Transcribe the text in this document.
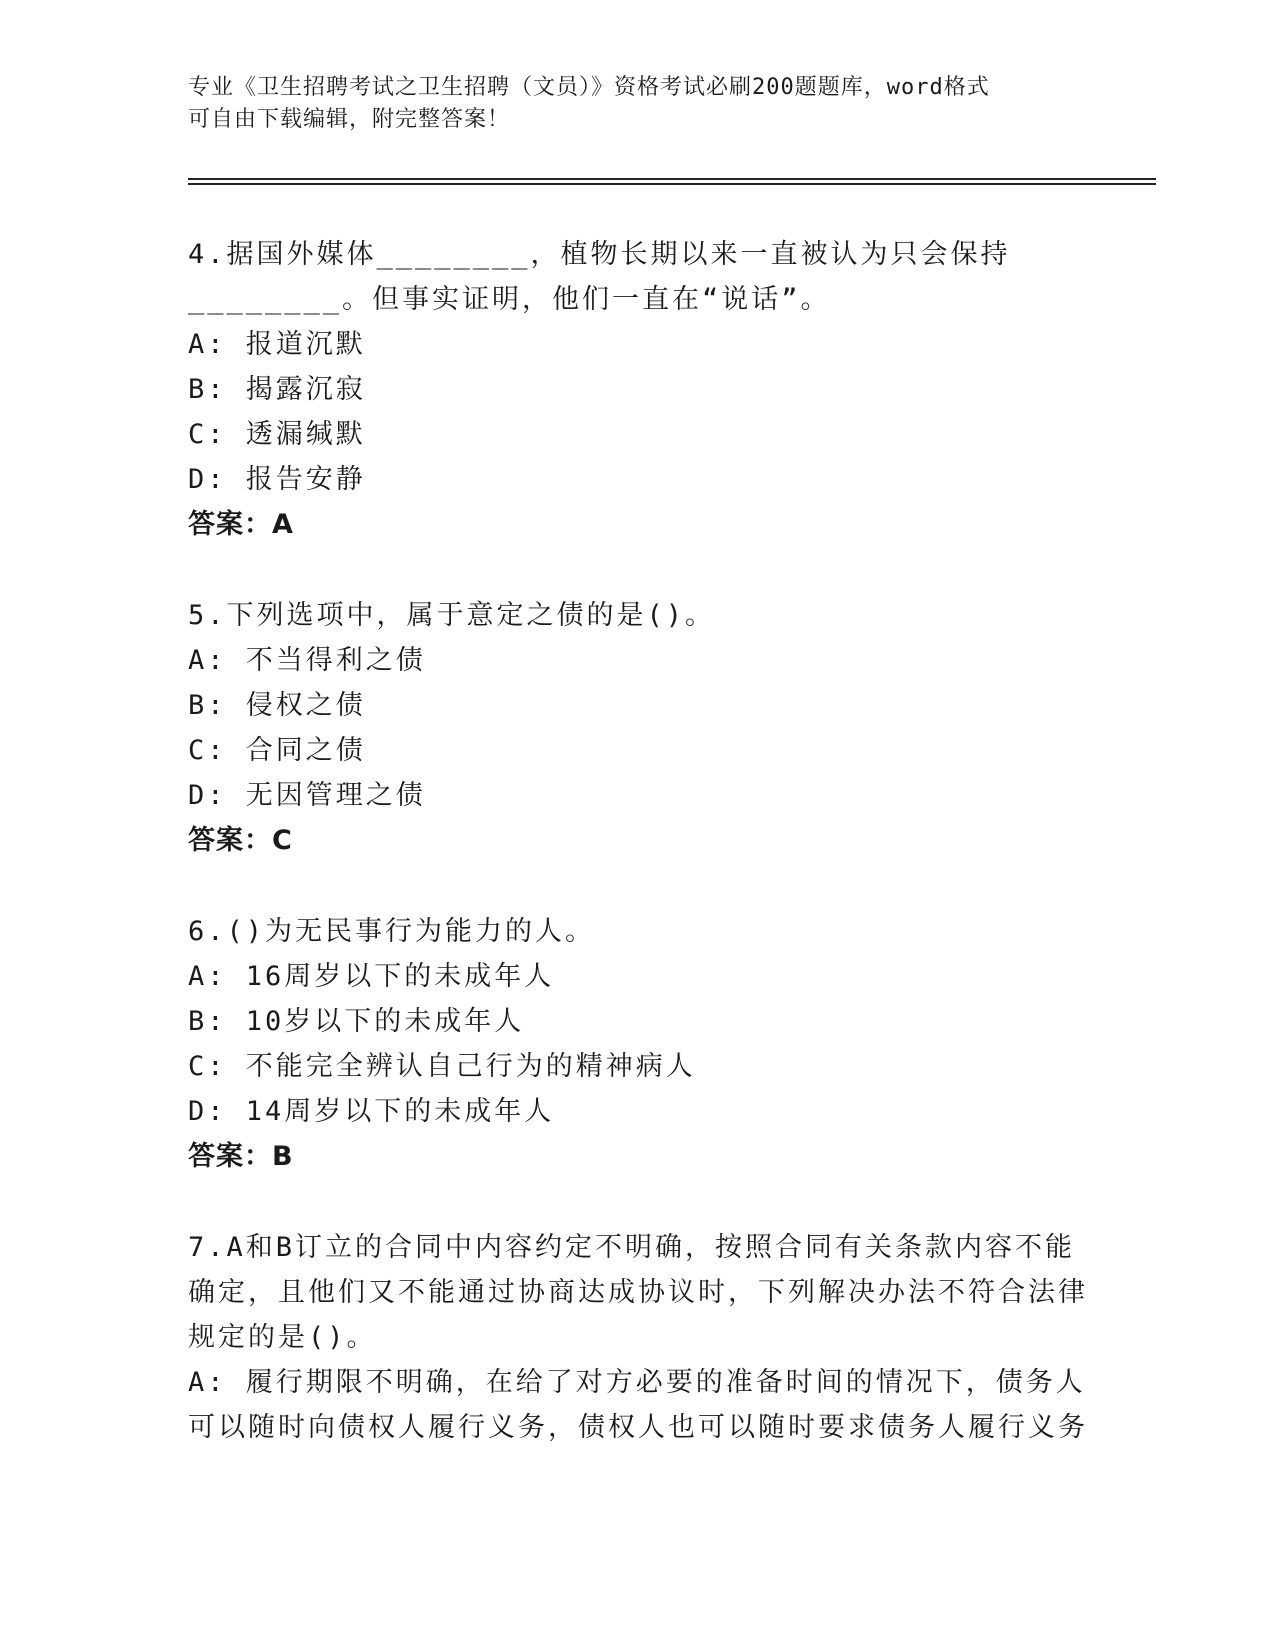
专业《卫生招聘考试之卫生招聘（文员）》资格考试必刷200题题库，word格式
可自由下载编辑，附完整答案！

4.据国外媒体________，植物长期以来一直被认为只会保持________。但事实证明，他们一直在“说话”。

A: 报道沉默

B: 揭露沉寂

C: 透漏缄默

D: 报告安静

答案：A

5.下列选项中，属于意定之债的是()。

A: 不当得利之债

B: 侵权之债

C: 合同之债

D: 无因管理之债

答案：C

6.()为无民事行为能力的人。

A: 16周岁以下的未成年人

B: 10岁以下的未成年人

C: 不能完全辨认自己行为的精神病人

D: 14周岁以下的未成年人

答案：B

7.A和B订立的合同中内容约定不明确，按照合同有关条款内容不能确定，且他们又不能通过协商达成协议时，下列解决办法不符合法律规定的是()。

A: 履行期限不明确，在给了对方必要的准备时间的情况下，债务人可以随时向债权人履行义务，债权人也可以随时要求债务人履行义务
